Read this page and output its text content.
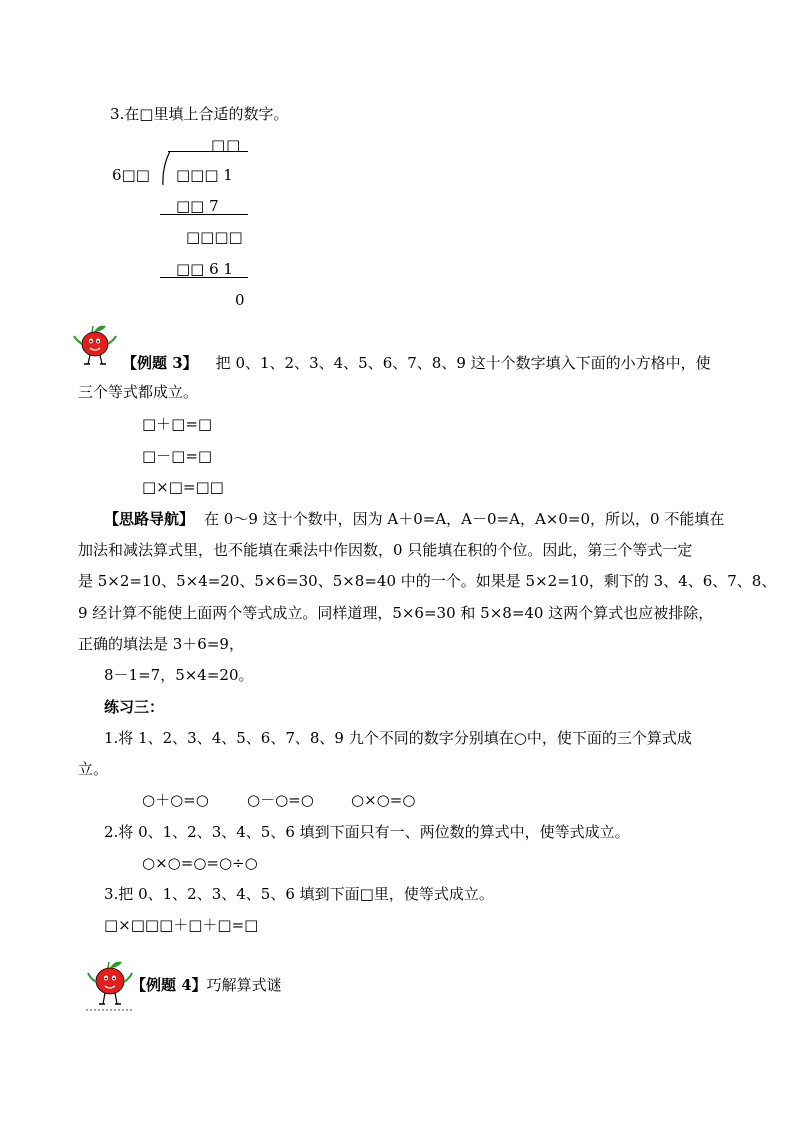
3.在□里填上合适的数字。
□□
6□□ □□□ 1
□□ 7
□□□□
□□ 6 1
0
【例题 3】 把 0、1、2、3、4、5、6、7、8、9 这十个数字填入下面的小方格中，使
三个等式都成立。
□＋□=□
□－□=□
□×□=□□
【思路导航】 在 0～9 这十个数中，因为 A＋0=A，A－0=A，A×0=0，所以，0 不能填在
加法和减法算式里，也不能填在乘法中作因数，0 只能填在积的个位。因此，第三个等式一定
是 5×2=10、5×4=20、5×6=30、5×8=40 中的一个。如果是 5×2=10，剩下的 3、4、6、7、8、
9 经计算不能使上面两个等式成立。同样道理，5×6=30 和 5×8=40 这两个算式也应被排除，
正确的填法是 3＋6=9，
8－1=7，5×4=20。
练习三：
1.将 1、2、3、4、5、6、7、8、9 九个不同的数字分别填在○中，使下面的三个算式成
立。
○＋○=○	○－○=○ ○×○=○
2.将 0、1、2、3、4、5、6 填到下面只有一、两位数的算式中，使等式成立。
○×○=○=○÷○
3.把 0、1、2、3、4、5、6 填到下面□里，使等式成立。
□×□□□＋□＋□=□
【例题 4】巧解算式谜
